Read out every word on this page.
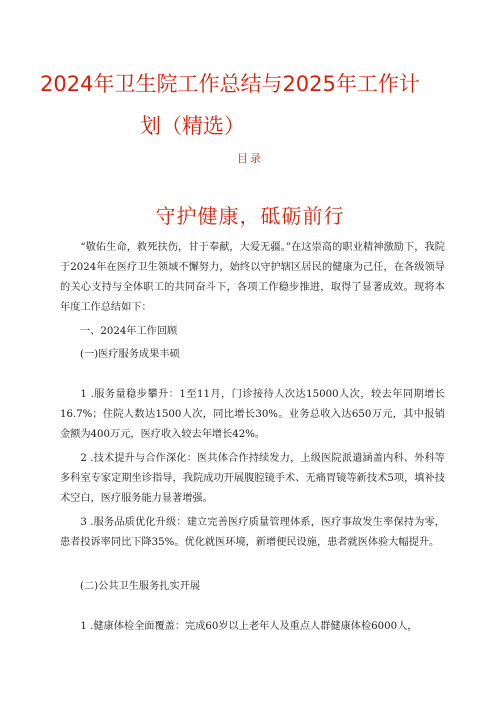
2024年卫生院工作总结与2025年工作计
划（精选）
目录
守护健康，砥砺前行
“敬佑生命，救死扶伤，甘于奉献，大爱无疆。”在这崇高的职业精神激励下，我院于2024年在医疗卫生领域不懈努力，始终以守护辖区居民的健康为己任，在各级领导的关心支持与全体职工的共同奋斗下，各项工作稳步推进，取得了显著成效。现将本年度工作总结如下：
一、2024年工作回顾
(一)医疗服务成果丰硕
1 .服务量稳步攀升：1至11月，门诊接待人次达15000人次，较去年同期增长16.7%；住院人数达1500人次，同比增长30%。业务总收入达650万元，其中报销金额为400万元，医疗收入较去年增长42%。
2 .技术提升与合作深化：医共体合作持续发力，上级医院派遣涵盖内科、外科等多科室专家定期坐诊指导，我院成功开展腹腔镜手术、无痛胃镜等新技术5项，填补技术空白，医疗服务能力显著增强。
3 .服务品质优化升级：建立完善医疗质量管理体系，医疗事故发生率保持为零，患者投诉率同比下降35%。优化就医环境，新增便民设施，患者就医体验大幅提升。
(二)公共卫生服务扎实开展
1 .健康体检全面覆盖：完成60岁以上老年人及重点人群健康体检6000人，
